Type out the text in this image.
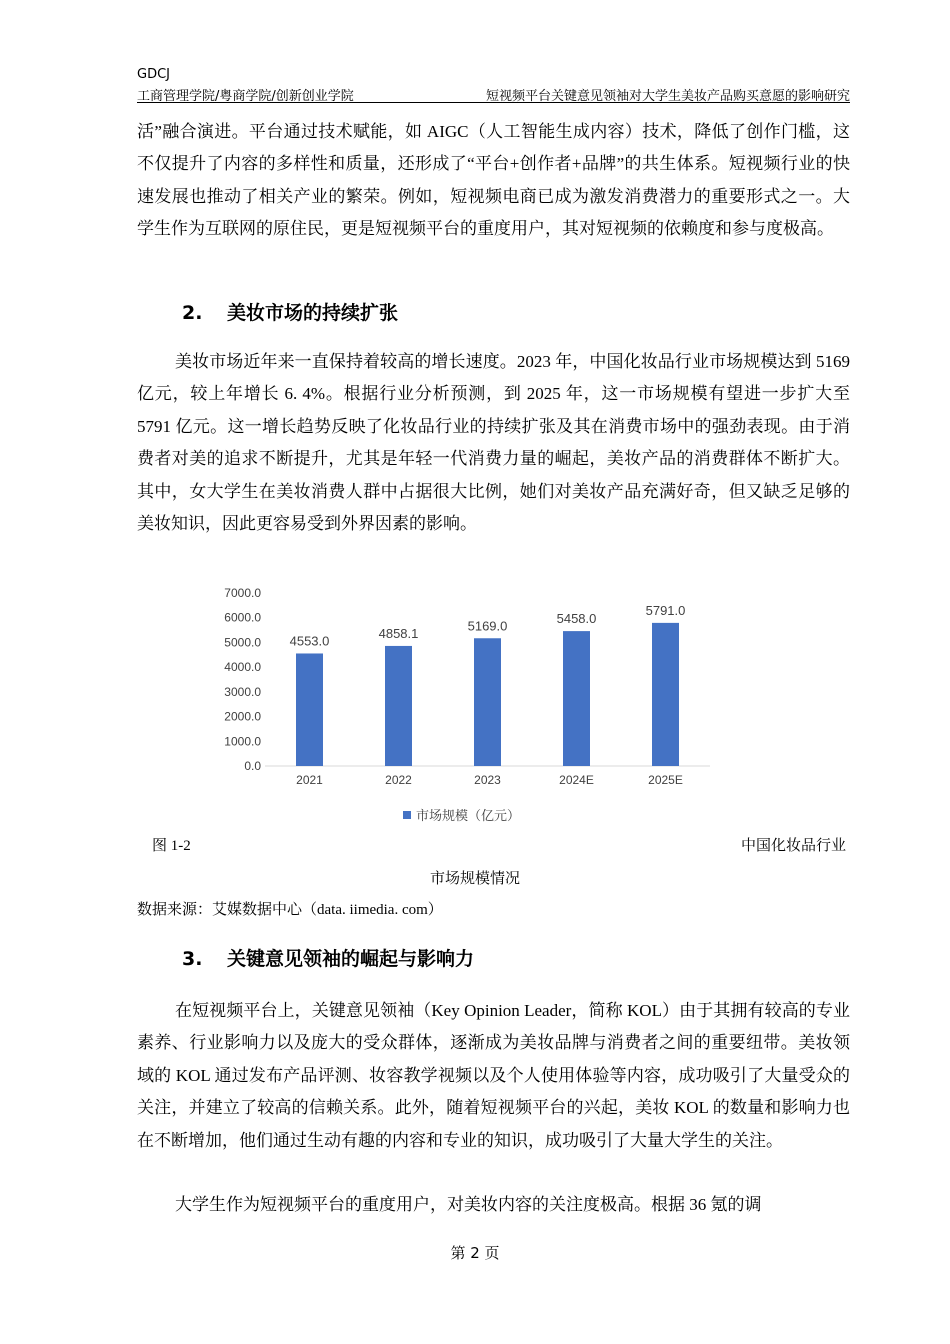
GDCJ
工商管理学院/粤商学院/创新创业学院	短视频平台关键意见领袖对大学生美妆产品购买意愿的影响研究

活”融合演进。平台通过技术赋能，如 AIGC（人工智能生成内容）技术，降低了创作门槛，这不仅提升了内容的多样性和质量，还形成了“平台+创作者+品牌”的共生体系。短视频行业的快速发展也推动了相关产业的繁荣。例如，短视频电商已成为激发消费潜力的重要形式之一。大学生作为互联网的原住民，更是短视频平台的重度用户，其对短视频的依赖度和参与度极高。

2. 美妆市场的持续扩张

美妆市场近年来一直保持着较高的增长速度。2023 年，中国化妆品行业市场规模达到 5169 亿元，较上年增长 6. 4%。根据行业分析预测，到 2025 年，这一市场规模有望进一步扩大至 5791 亿元。这一增长趋势反映了化妆品行业的持续扩张及其在消费市场中的强劲表现。由于消费者对美的追求不断提升，尤其是年轻一代消费力量的崛起，美妆产品的消费群体不断扩大。其中，女大学生在美妆消费人群中占据很大比例，她们对美妆产品充满好奇，但又缺乏足够的美妆知识，因此更容易受到外界因素的影响。

0.0
1000.0
2000.0
3000.0
4000.0
5000.0
6000.0
7000.0
4553.0
2021
4858.1
2022
5169.0
2023
5458.0
2024E
5791.0
2025E
市场规模（亿元）
图 1-2	中国化妆品行业
市场规模情况
数据来源：艾媒数据中心（data. iimedia. com）
3. 关键意见领袖的崛起与影响力

在短视频平台上，关键意见领袖（Key Opinion Leader，简称 KOL）由于其拥有较高的专业素养、行业影响力以及庞大的受众群体，逐渐成为美妆品牌与消费者之间的重要纽带。美妆领域的 KOL 通过发布产品评测、妆容教学视频以及个人使用体验等内容，成功吸引了大量受众的关注，并建立了较高的信赖关系。此外，随着短视频平台的兴起，美妆 KOL 的数量和影响力也在不断增加，他们通过生动有趣的内容和专业的知识，成功吸引了大量大学生的关注。

大学生作为短视频平台的重度用户，对美妆内容的关注度极高。根据 36 氪的调

第 2 页
